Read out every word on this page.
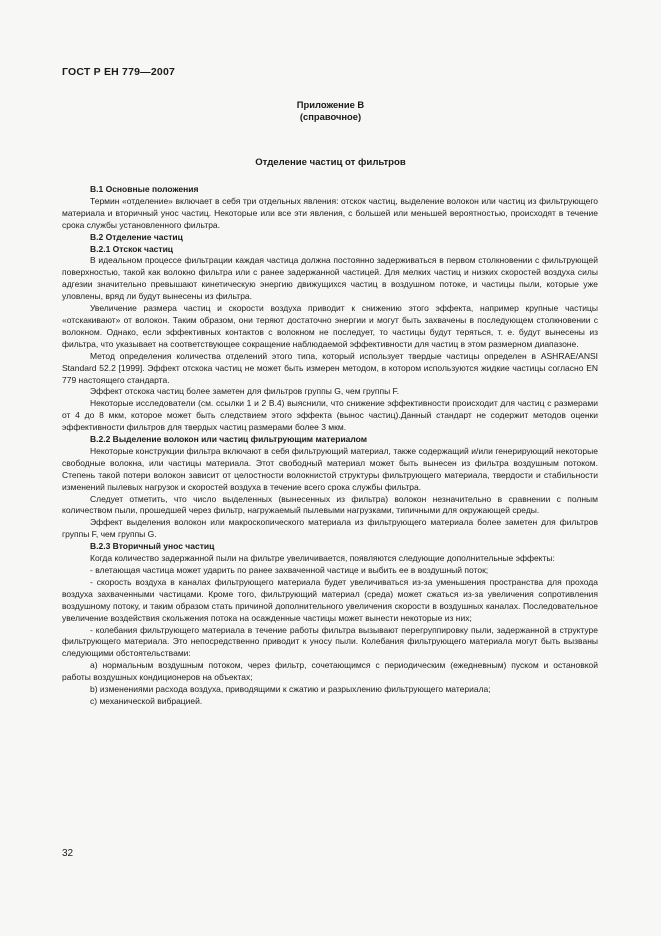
ГОСТ Р ЕН 779—2007
Приложение В
(справочное)
Отделение частиц от фильтров

В.1 Основные положения

Термин «отделение» включает в себя три отдельных явления: отскок частиц, выделение волокон или частиц из фильтрующего материала и вторичный унос частиц. Некоторые или все эти явления, с большей или меньшей вероятностью, происходят в течение срока службы установленного фильтра.

В.2 Отделение частиц

В.2.1 Отскок частиц

В идеальном процессе фильтрации каждая частица должна постоянно задерживаться в первом столкновении с фильтрующей поверхностью, такой как волокно фильтра или с ранее задержанной частицей. Для мелких частиц и низких скоростей воздуха силы адгезии значительно превышают кинетическую энергию движущихся частиц в воздушном потоке, и частицы пыли, которые уже уловлены, вряд ли будут вынесены из фильтра.

Увеличение размера частиц и скорости воздуха приводит к снижению этого эффекта, например крупные частицы «отскакивают» от волокон. Таким образом, они теряют достаточно энергии и могут быть захвачены в последующем столкновении с волокном. Однако, если эффективных контактов с волокном не последует, то частицы будут теряться, т. е. будут вынесены из фильтра, что указывает на соответствующее сокращение наблюдаемой эффективности для частиц в этом размерном диапазоне.

Метод определения количества отделений этого типа, который использует твердые частицы определен в ASHRAE/ANSI Standard 52.2 [1999]. Эффект отскока частиц не может быть измерен методом, в котором используются жидкие частицы согласно EN 779 настоящего стандарта.

Эффект отскока частиц более заметен для фильтров группы G, чем группы F.

Некоторые исследователи (см. ссылки 1 и 2 В.4) выяснили, что снижение эффективности происходит для частиц с размерами от 4 до 8 мкм, которое может быть следствием этого эффекта (вынос частиц).Данный стандарт не содержит методов оценки эффективности фильтров для твердых частиц размерами более 3 мкм.

В.2.2 Выделение волокон или частиц фильтрующим материалом

Некоторые конструкции фильтра включают в себя фильтрующий материал, также содержащий и/или генерирующий некоторые свободные волокна, или частицы материала. Этот свободный материал может быть вынесен из фильтра воздушным потоком. Степень такой потери волокон зависит от целостности волокнистой структуры фильтрующего материала, твердости и стабильности изменений пылевых нагрузок и скоростей воздуха в течение всего срока службы фильтра.

Следует отметить, что число выделенных (вынесенных из фильтра) волокон незначительно в сравнении с полным количеством пыли, прошедшей через фильтр, нагружаемый пылевыми нагрузками, типичными для окружающей среды.

Эффект выделения волокон или макроскопического материала из фильтрующего материала более заметен для фильтров группы F, чем группы G.

В.2.3 Вторичный унос частиц

Когда количество задержанной пыли на фильтре увеличивается, появляются следующие дополнительные эффекты:

- влетающая частица может ударить по ранее захваченной частице и выбить ее в воздушный поток;

- скорость воздуха в каналах фильтрующего материала будет увеличиваться из-за уменьшения пространства для прохода воздуха захваченными частицами. Кроме того, фильтрующий материал (среда) может сжаться из-за увеличения сопротивления воздушному потоку, и таким образом стать причиной дополнительного увеличения скорости в воздушных каналах. Последовательное увеличение воздействия скольжения потока на осажденные частицы может вынести некоторые из них;

- колебания фильтрующего материала в течение работы фильтра вызывают перегруппировку пыли, задержанной в структуре фильтрующего материала. Это непосредственно приводит к уносу пыли. Колебания фильтрующего материала могут быть вызваны следующими обстоятельствами:

a) нормальным воздушным потоком, через фильтр, сочетающимся с периодическим (ежедневным) пуском и остановкой работы воздушных кондиционеров на объектах;

b) изменениями расхода воздуха, приводящими к сжатию и разрыхлению фильтрующего материала;

c) механической вибрацией.

32
